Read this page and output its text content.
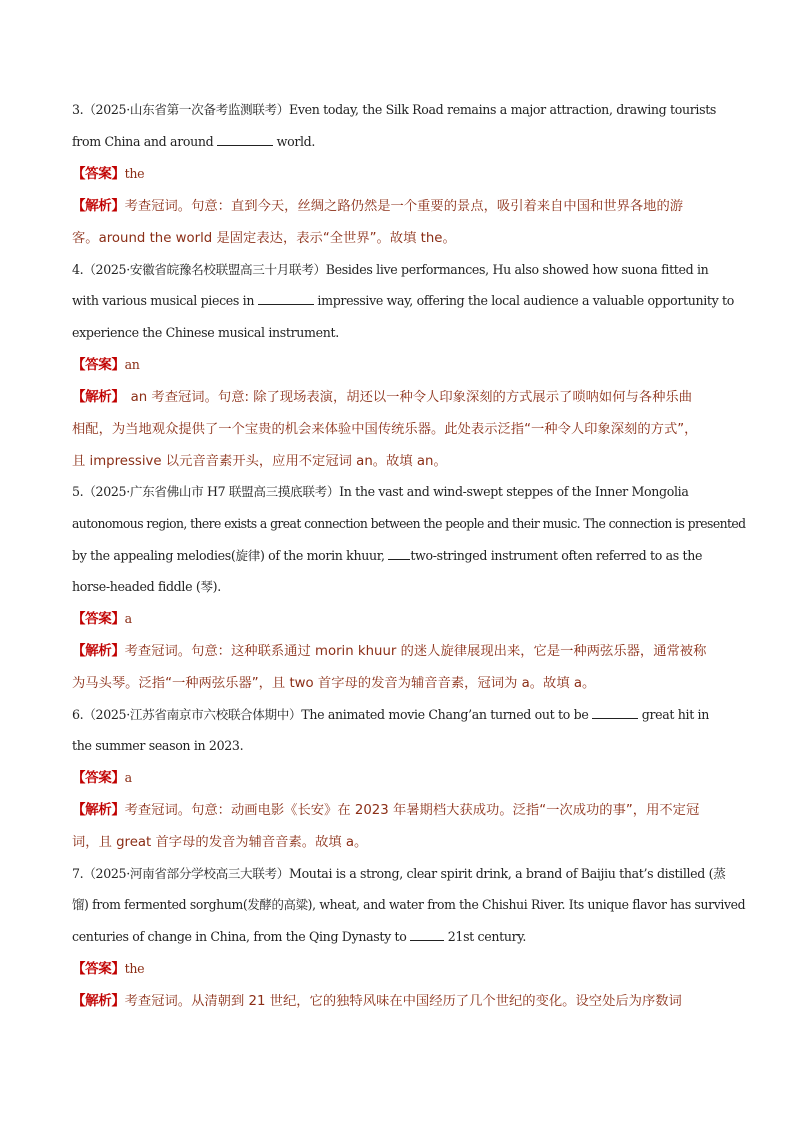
3.（2025·山东省第一次备考监测联考）Even today, the Silk Road remains a major attraction, drawing tourists
from China and around	world.
【答案】the
【解析】考查冠词。句意：直到今天，丝绸之路仍然是一个重要的景点，吸引着来自中国和世界各地的游
客。around the world 是固定表达，表示“全世界”。故填 the。
4.（2025·安徽省皖豫名校联盟高三十月联考）Besides live performances, Hu also showed how suona fitted in
with various musical pieces in	impressive way, offering the local audience a valuable opportunity to
experience the Chinese musical instrument.
【答案】an
【解析】 an 考查冠词。句意: 除了现场表演，胡还以一种令人印象深刻的方式展示了唢呐如何与各种乐曲
相配，为当地观众提供了一个宝贵的机会来体验中国传统乐器。此处表示泛指“一种令人印象深刻的方式”，
且 impressive 以元音音素开头，应用不定冠词 an。故填 an。
5.（2025·广东省佛山市 H7 联盟高三摸底联考）In the vast and wind-swept steppes of the Inner Mongolia
autonomous region, there exists a great connection between the people and their music. The connection is presented
by the appealing melodies(旋律) of the morin khuur, two-stringed instrument often referred to as the
horse-headed fiddle (琴).
【答案】a
【解析】考查冠词。句意：这种联系通过 morin khuur 的迷人旋律展现出来，它是一种两弦乐器，通常被称
为马头琴。泛指“一种两弦乐器”，且 two 首字母的发音为辅音音素，冠词为 a。故填 a。
6.（2025·江苏省南京市六校联合体期中）The animated movie Chang’an turned out to be	great hit in
the summer season in 2023.
【答案】a
【解析】考查冠词。句意：动画电影《长安》在 2023 年暑期档大获成功。泛指“一次成功的事”，用不定冠
词，且 great 首字母的发音为辅音音素。故填 a。
7.（2025·河南省部分学校高三大联考）Moutai is a strong, clear spirit drink, a brand of Baijiu that’s distilled (蒸
馏) from fermented sorghum(发酵的高粱), wheat, and water from the Chishui River. Its unique flavor has survived
centuries of change in China, from the Qing Dynasty to	21st century.
【答案】the
【解析】考查冠词。从清朝到 21 世纪，它的独特风味在中国经历了几个世纪的变化。设空处后为序数词
